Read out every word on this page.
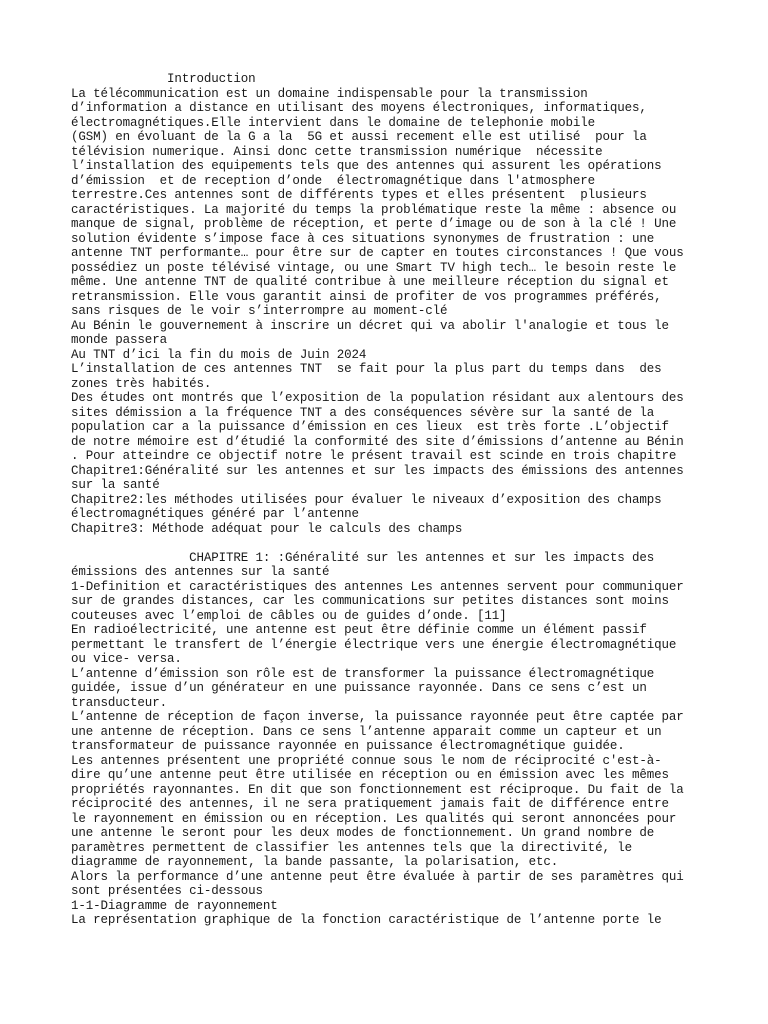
Introduction
La télécommunication est un domaine indispensable pour la transmission
d’information a distance en utilisant des moyens électroniques, informatiques,
électromagnétiques.Elle intervient dans le domaine de telephonie mobile
(GSM) en évoluant de la G a la  5G et aussi recement elle est utilisé  pour la
télévision numerique. Ainsi donc cette transmission numérique  nécessite
l’installation des equipements tels que des antennes qui assurent les opérations
d’émission  et de reception d’onde  électromagnétique dans l'atmosphere
terrestre.Ces antennes sont de différents types et elles présentent  plusieurs
caractéristiques. La majorité du temps la problématique reste la même : absence ou
manque de signal, problème de réception, et perte d’image ou de son à la clé ! Une
solution évidente s’impose face à ces situations synonymes de frustration : une
antenne TNT performante… pour être sur de capter en toutes circonstances ! Que vous
possédiez un poste télévisé vintage, ou une Smart TV high tech… le besoin reste le
même. Une antenne TNT de qualité contribue à une meilleure réception du signal et
retransmission. Elle vous garantit ainsi de profiter de vos programmes préférés,
sans risques de le voir s’interrompre au moment-clé
Au Bénin le gouvernement à inscrire un décret qui va abolir l'analogie et tous le
monde passera
Au TNT d’ici la fin du mois de Juin 2024
L’installation de ces antennes TNT  se fait pour la plus part du temps dans  des
zones très habités.
Des études ont montrés que l’exposition de la population résidant aux alentours des
sites démission a la fréquence TNT a des conséquences sévère sur la santé de la
population car a la puissance d’émission en ces lieux  est très forte .L’objectif
de notre mémoire est d’étudié la conformité des site d’émissions d’antenne au Bénin
. Pour atteindre ce objectif notre le présent travail est scinde en trois chapitre
Chapitre1:Généralité sur les antennes et sur les impacts des émissions des antennes
sur la santé
Chapitre2:les méthodes utilisées pour évaluer le niveaux d’exposition des champs
électromagnétiques généré par l’antenne
Chapitre3: Méthode adéquat pour le calculs des champs
CHAPITRE 1: :Généralité sur les antennes et sur les impacts des
émissions des antennes sur la santé
1-Definition et caractéristiques des antennes Les antennes servent pour communiquer
sur de grandes distances, car les communications sur petites distances sont moins
couteuses avec l’emploi de câbles ou de guides d’onde. [11]
En radioélectricité, une antenne est peut être définie comme un élément passif
permettant le transfert de l’énergie électrique vers une énergie électromagnétique
ou vice- versa.
L’antenne d’émission son rôle est de transformer la puissance électromagnétique
guidée, issue d’un générateur en une puissance rayonnée. Dans ce sens c’est un
transducteur.
L’antenne de réception de façon inverse, la puissance rayonnée peut être captée par
une antenne de réception. Dans ce sens l’antenne apparait comme un capteur et un
transformateur de puissance rayonnée en puissance électromagnétique guidée.
Les antennes présentent une propriété connue sous le nom de réciprocité c'est-à-
dire qu’une antenne peut être utilisée en réception ou en émission avec les mêmes
propriétés rayonnantes. En dit que son fonctionnement est réciproque. Du fait de la
réciprocité des antennes, il ne sera pratiquement jamais fait de différence entre
le rayonnement en émission ou en réception. Les qualités qui seront annoncées pour
une antenne le seront pour les deux modes de fonctionnement. Un grand nombre de
paramètres permettent de classifier les antennes tels que la directivité, le
diagramme de rayonnement, la bande passante, la polarisation, etc.
Alors la performance d’une antenne peut être évaluée à partir de ses paramètres qui
sont présentées ci-dessous
1-1-Diagramme de rayonnement
La représentation graphique de la fonction caractéristique de l’antenne porte le
